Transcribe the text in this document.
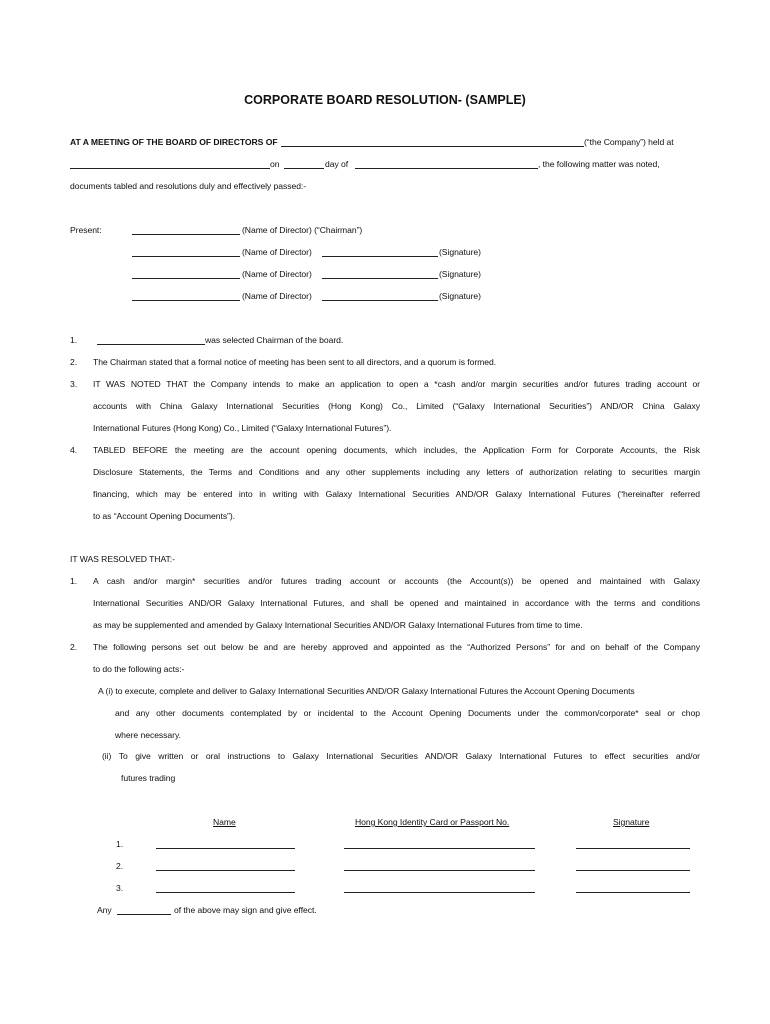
CORPORATE BOARD RESOLUTION- (SAMPLE)
AT A MEETING OF THE BOARD OF DIRECTORS OF	(“the Company”) held at
on	day of	, the following matter was noted,
documents tabled and resolutions duly and effectively passed:-
Present:	(Name of Director) (“Chairman”)
(Name of Director)	(Signature)
(Name of Director)	(Signature)
(Name of Director)	(Signature)
1.	was selected Chairman of the board.
2. The Chairman stated that a formal notice of meeting has been sent to all directors, and a quorum is formed.
3. IT WAS NOTED THAT the Company intends to make an application to open a *cash and/or margin securities and/or futures trading account or
accounts with China Galaxy International Securities (Hong Kong) Co., Limited (“Galaxy International Securities”) AND/OR China Galaxy
International Futures (Hong Kong) Co., Limited (“Galaxy International Futures”).
4. TABLED BEFORE the meeting are the account opening documents, which includes, the Application Form for Corporate Accounts, the Risk
Disclosure Statements, the Terms and Conditions and any other supplements including any letters of authorization relating to securities margin
financing, which may be entered into in writing with Galaxy International Securities AND/OR Galaxy International Futures (“hereinafter referred
to as “Account Opening Documents”).
IT WAS RESOLVED THAT:-
1. A cash and/or margin* securities and/or futures trading account or accounts (the Account(s)) be opened and maintained with Galaxy
International Securities AND/OR Galaxy International Futures, and shall be opened and maintained in accordance with the terms and conditions
as may be supplemented and amended by Galaxy International Securities AND/OR Galaxy International Futures from time to time.
2. The following persons set out below be and are hereby approved and appointed as the “Authorized Persons” for and on behalf of the Company
to do the following acts:-
A (i) to execute, complete and deliver to Galaxy International Securities AND/OR Galaxy International Futures the Account Opening Documents
and any other documents contemplated by or incidental to the Account Opening Documents under the common/corporate* seal or chop
where necessary.
(ii) To give written or oral instructions to Galaxy International Securities AND/OR Galaxy International Futures to effect securities and/or
futures trading
Name	Hong Kong Identity Card or Passport No.	Signature
1.
2.
3.
Any	of the above may sign and give effect.
